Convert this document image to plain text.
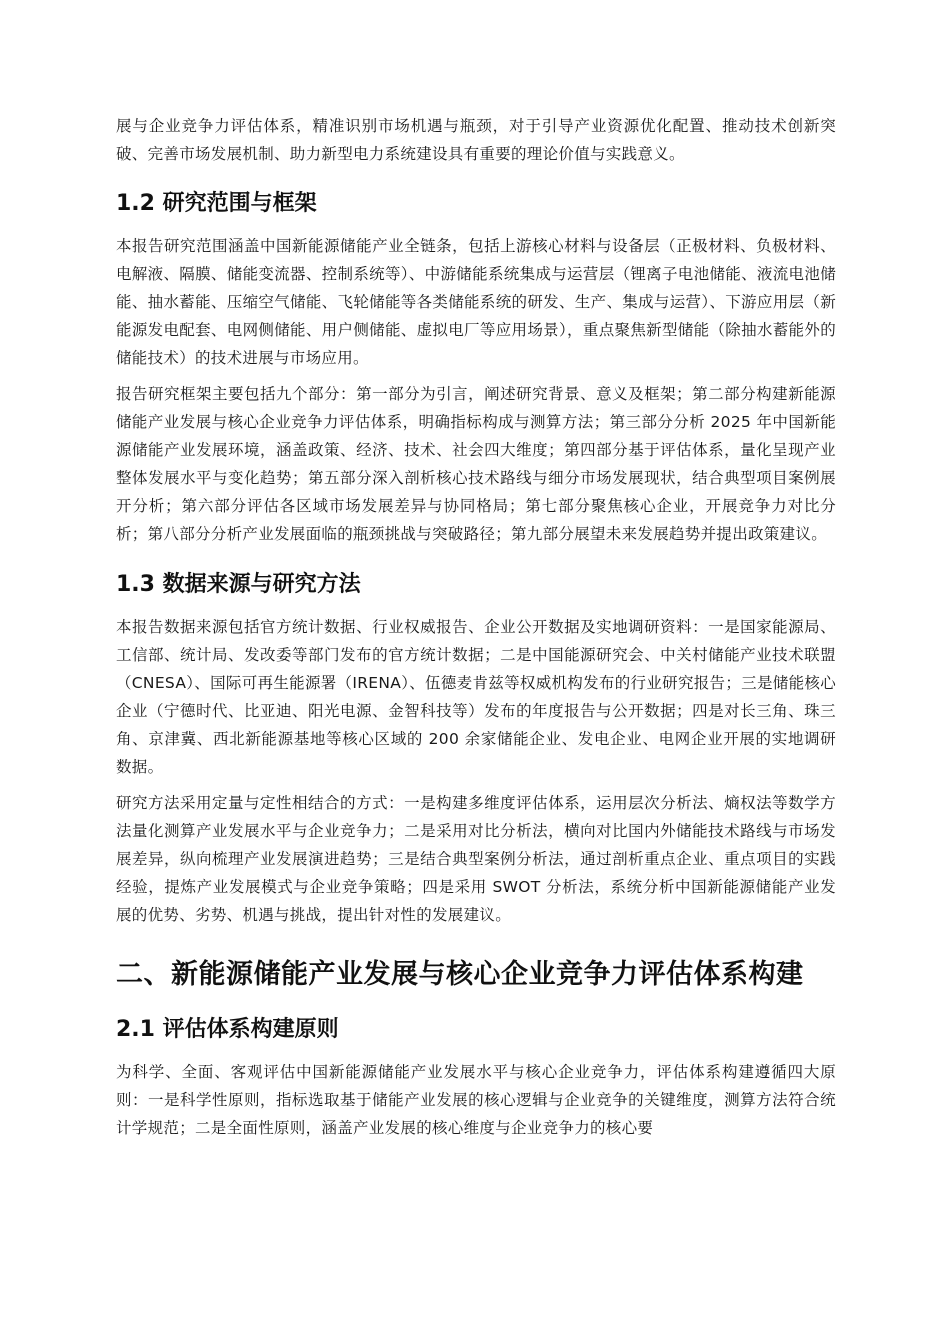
展与企业竞争力评估体系，精准识别市场机遇与瓶颈，对于引导产业资源优化配置、推动技术创新突破、完善市场发展机制、助力新型电力系统建设具有重要的理论价值与实践意义。

1.2 研究范围与框架

本报告研究范围涵盖中国新能源储能产业全链条，包括上游核心材料与设备层（正极材料、负极材料、电解液、隔膜、储能变流器、控制系统等）、中游储能系统集成与运营层（锂离子电池储能、液流电池储能、抽水蓄能、压缩空气储能、飞轮储能等各类储能系统的研发、生产、集成与运营）、下游应用层（新能源发电配套、电网侧储能、用户侧储能、虚拟电厂等应用场景），重点聚焦新型储能（除抽水蓄能外的储能技术）的技术进展与市场应用。

报告研究框架主要包括九个部分：第一部分为引言，阐述研究背景、意义及框架；第二部分构建新能源储能产业发展与核心企业竞争力评估体系，明确指标构成与测算方法；第三部分分析 2025 年中国新能源储能产业发展环境，涵盖政策、经济、技术、社会四大维度；第四部分基于评估体系，量化呈现产业整体发展水平与变化趋势；第五部分深入剖析核心技术路线与细分市场发展现状，结合典型项目案例展开分析；第六部分评估各区域市场发展差异与协同格局；第七部分聚焦核心企业，开展竞争力对比分析；第八部分分析产业发展面临的瓶颈挑战与突破路径；第九部分展望未来发展趋势并提出政策建议。

1.3 数据来源与研究方法

本报告数据来源包括官方统计数据、行业权威报告、企业公开数据及实地调研资料：一是国家能源局、工信部、统计局、发改委等部门发布的官方统计数据；二是中国能源研究会、中关村储能产业技术联盟（CNESA）、国际可再生能源署（IRENA）、伍德麦肯兹等权威机构发布的行业研究报告；三是储能核心企业（宁德时代、比亚迪、阳光电源、金智科技等）发布的年度报告与公开数据；四是对长三角、珠三角、京津冀、西北新能源基地等核心区域的 200 余家储能企业、发电企业、电网企业开展的实地调研数据。

研究方法采用定量与定性相结合的方式：一是构建多维度评估体系，运用层次分析法、熵权法等数学方法量化测算产业发展水平与企业竞争力；二是采用对比分析法，横向对比国内外储能技术路线与市场发展差异，纵向梳理产业发展演进趋势；三是结合典型案例分析法，通过剖析重点企业、重点项目的实践经验，提炼产业发展模式与企业竞争策略；四是采用 SWOT 分析法，系统分析中国新能源储能产业发展的优势、劣势、机遇与挑战，提出针对性的发展建议。

二、新能源储能产业发展与核心企业竞争力评估体系构建
2.1 评估体系构建原则

为科学、全面、客观评估中国新能源储能产业发展水平与核心企业竞争力，评估体系构建遵循四大原则：一是科学性原则，指标选取基于储能产业发展的核心逻辑与企业竞争的关键维度，测算方法符合统计学规范；二是全面性原则，涵盖产业发展的核心维度与企业竞争力的核心要
